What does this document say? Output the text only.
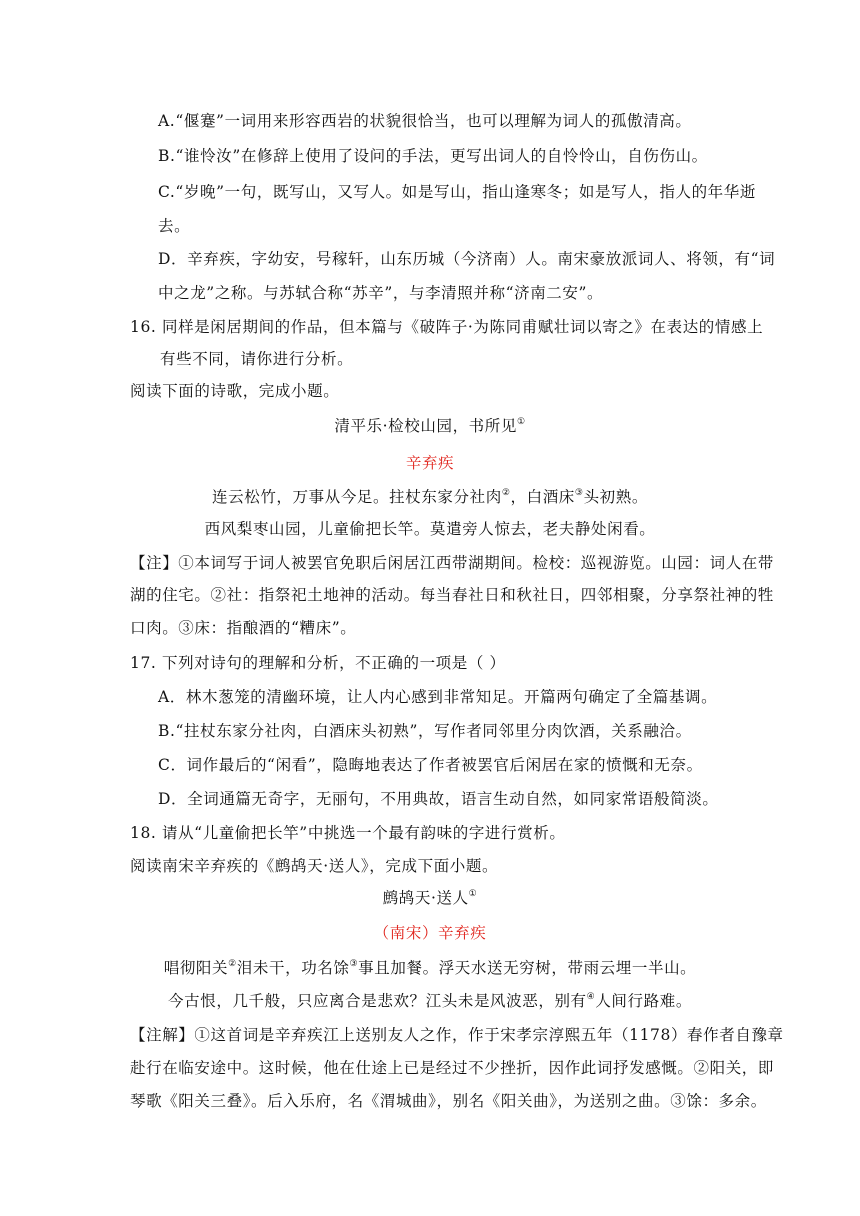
A.“偃蹇”一词用来形容西岩的状貌很恰当，也可以理解为词人的孤傲清高。
B.“谁怜汝”在修辞上使用了设问的手法，更写出词人的自怜怜山，自伤伤山。
C.“岁晚”一句，既写山，又写人。如是写山，指山逢寒冬；如是写人，指人的年华逝
去。
D．辛弃疾，字幼安，号稼轩，山东历城（今济南）人。南宋豪放派词人、将领，有“词
中之龙”之称。与苏轼合称“苏辛”，与李清照并称“济南二安”。
16. 同样是闲居期间的作品，但本篇与《破阵子·为陈同甫赋壮词以寄之》在表达的情感上
有些不同，请你进行分析。
阅读下面的诗歌，完成小题。
清平乐·检校山园，书所见①
辛弃疾
连云松竹，万事从今足。拄杖东家分社肉②，白酒床③头初熟。
西风梨枣山园，儿童偷把长竿。莫遣旁人惊去，老夫静处闲看。
【注】①本词写于词人被罢官免职后闲居江西带湖期间。检校：巡视游览。山园：词人在带
湖的住宅。②社：指祭祀土地神的活动。每当春社日和秋社日，四邻相聚，分享祭社神的牲
口肉。③床：指酿酒的“糟床”。
17. 下列对诗句的理解和分析，不正确的一项是（ ）
A．林木葱笼的清幽环境，让人内心感到非常知足。开篇两句确定了全篇基调。
B.“拄杖东家分社肉，白酒床头初熟”，写作者同邻里分肉饮酒，关系融洽。
C．词作最后的“闲看”，隐晦地表达了作者被罢官后闲居在家的愤慨和无奈。
D．全词通篇无奇字，无丽句，不用典故，语言生动自然，如同家常语般简淡。
18. 请从“儿童偷把长竿”中挑选一个最有韵味的字进行赏析。
阅读南宋辛弃疾的《鹧鸪天·送人》，完成下面小题。
鹧鸪天·送人①
（南宋）辛弃疾
唱彻阳关②泪未干，功名馀③事且加餐。浮天水送无穷树，带雨云埋一半山。
今古恨，几千般，只应离合是悲欢？江头未是风波恶，别有④人间行路难。
【注解】①这首词是辛弃疾江上送别友人之作，作于宋孝宗淳熙五年（1178）春作者自豫章
赴行在临安途中。这时候，他在仕途上已是经过不少挫折，因作此词抒发感慨。②阳关，即
琴歌《阳关三叠》。后入乐府，名《渭城曲》，别名《阳关曲》，为送别之曲。③馀：多余。
